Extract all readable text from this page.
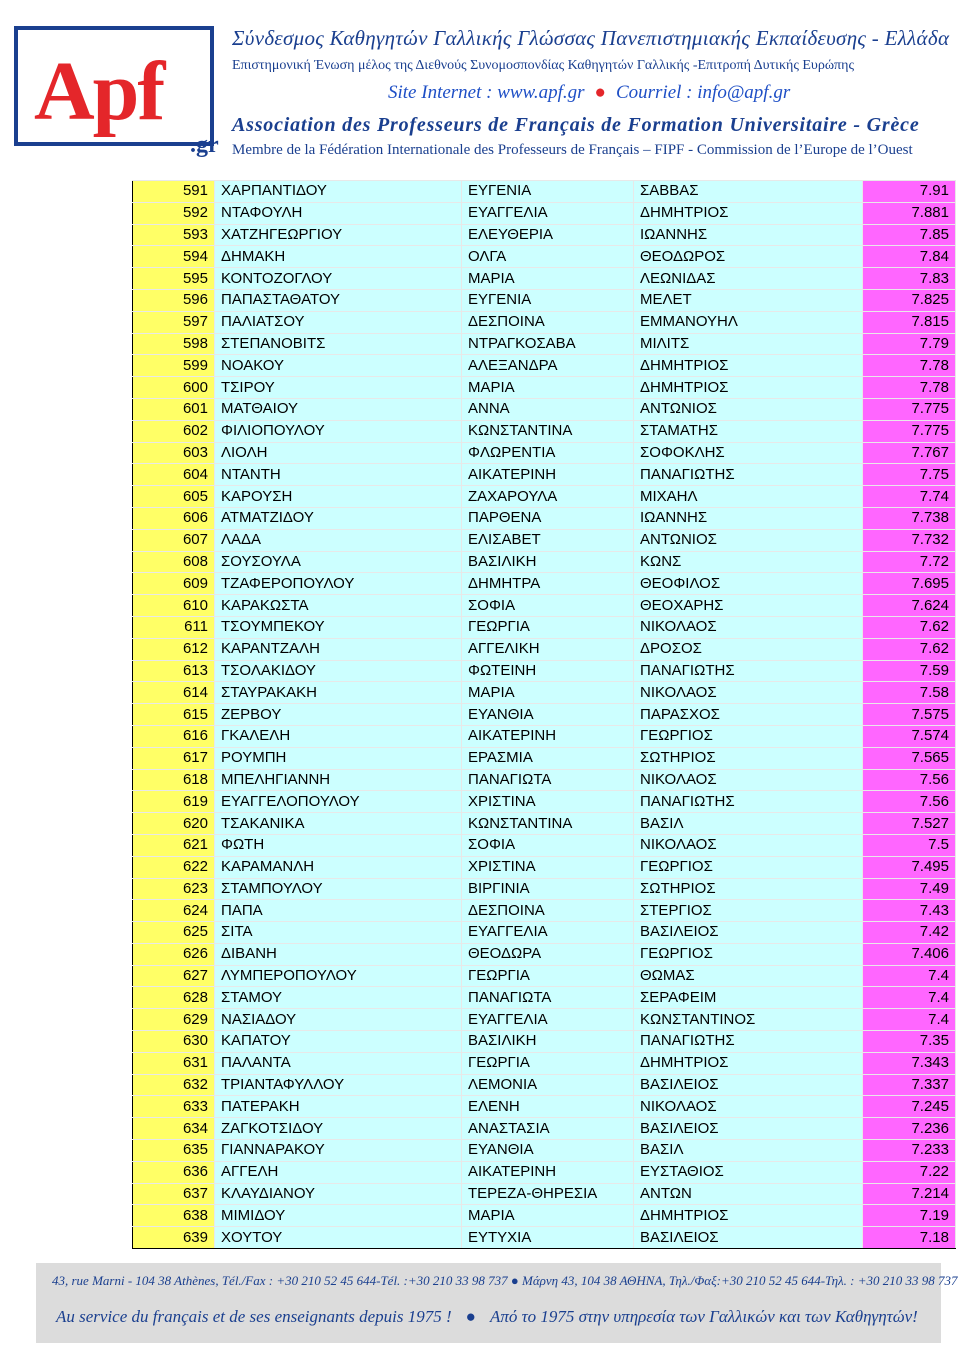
Apf
.gr
Σύνδεσμος Καθηγητών Γαλλικής Γλώσσας Πανεπιστημιακής Εκπαίδευσης - Ελλάδα
Επιστημονική Ένωση μέλος της Διεθνούς Συνομοσπονδίας Καθηγητών Γαλλικής -Επιτροπή Δυτικής Ευρώπης
Site Internet : www.apf.gr ● Courriel : info@apf.gr
Association des Professeurs de Français de Formation Universitaire - Grèce
Membre de la Fédération Internationale des Professeurs de Français – FIPF - Commission de l’Europe de l’Ouest
591	ΧΑΡΠΑΝΤΙΔΟΥ	ΕΥΓΕΝΙΑ	ΣΑΒΒΑΣ	7.91
592	ΝΤΑΦΟΥΛΗ	ΕΥΑΓΓΕΛΙΑ	ΔΗΜΗΤΡΙΟΣ	7.881
593	ΧΑΤΖΗΓΕΩΡΓΙΟΥ	ΕΛΕΥΘΕΡΙΑ	ΙΩΑΝΝΗΣ	7.85
594	ΔΗΜΑΚΗ	ΟΛΓΑ	ΘΕΟΔΩΡΟΣ	7.84
595	ΚΟΝΤΟΖΟΓΛΟΥ	ΜΑΡΙΑ	ΛΕΩΝΙΔΑΣ	7.83
596	ΠΑΠΑΣΤΑΘΑΤΟΥ	ΕΥΓΕΝΙΑ	ΜΕΛΕΤ	7.825
597	ΠΑΛΙΑΤΣΟΥ	ΔΕΣΠΟΙΝΑ	ΕΜΜΑΝΟΥΗΛ	7.815
598	ΣΤΕΠΑΝΟΒΙΤΣ	ΝΤΡΑΓΚΟΣΑΒΑ	ΜΙΛΙΤΣ	7.79
599	ΝΟΑΚΟΥ	ΑΛΕΞΑΝΔΡΑ	ΔΗΜΗΤΡΙΟΣ	7.78
600	ΤΣΙΡΟΥ	ΜΑΡΙΑ	ΔΗΜΗΤΡΙΟΣ	7.78
601	ΜΑΤΘΑΙΟΥ	ΑΝΝΑ	ΑΝΤΩΝΙΟΣ	7.775
602	ΦΙΛΙΟΠΟΥΛΟΥ	ΚΩΝΣΤΑΝΤΙΝΑ	ΣΤΑΜΑΤΗΣ	7.775
603	ΛΙΟΛΗ	ΦΛΩΡΕΝΤΙΑ	ΣΟΦΟΚΛΗΣ	7.767
604	ΝΤΑΝΤΗ	ΑΙΚΑΤΕΡΙΝΗ	ΠΑΝΑΓΙΩΤΗΣ	7.75
605	ΚΑΡΟΥΣΗ	ΖΑΧΑΡΟΥΛΑ	ΜΙΧΑΗΛ	7.74
606	ΑΤΜΑΤΖΙΔΟΥ	ΠΑΡΘΕΝΑ	ΙΩΑΝΝΗΣ	7.738
607	ΛΑΔΑ	ΕΛΙΣΑΒΕΤ	ΑΝΤΩΝΙΟΣ	7.732
608	ΣΟΥΣΟΥΛΑ	ΒΑΣΙΛΙΚΗ	ΚΩΝΣ	7.72
609	ΤΖΑΦΕΡΟΠΟΥΛΟΥ	ΔΗΜΗΤΡΑ	ΘΕΟΦΙΛΟΣ	7.695
610	ΚΑΡΑΚΩΣΤΑ	ΣΟΦΙΑ	ΘΕΟΧΑΡΗΣ	7.624
611	ΤΣΟΥΜΠΕΚΟΥ	ΓΕΩΡΓΙΑ	ΝΙΚΟΛΑΟΣ	7.62
612	ΚΑΡΑΝΤΖΑΛΗ	ΑΓΓΕΛΙΚΗ	ΔΡΟΣΟΣ	7.62
613	ΤΣΟΛΑΚΙΔΟΥ	ΦΩΤΕΙΝΗ	ΠΑΝΑΓΙΩΤΗΣ	7.59
614	ΣΤΑΥΡΑΚΑΚΗ	ΜΑΡΙΑ	ΝΙΚΟΛΑΟΣ	7.58
615	ΖΕΡΒΟΥ	ΕΥΑΝΘΙΑ	ΠΑΡΑΣΧΟΣ	7.575
616	ΓΚΑΛΕΛΗ	ΑΙΚΑΤΕΡΙΝΗ	ΓΕΩΡΓΙΟΣ	7.574
617	ΡΟΥΜΠΗ	ΕΡΑΣΜΙΑ	ΣΩΤΗΡΙΟΣ	7.565
618	ΜΠΕΛΗΓΙΑΝΝΗ	ΠΑΝΑΓΙΩΤΑ	ΝΙΚΟΛΑΟΣ	7.56
619	ΕΥΑΓΓΕΛΟΠΟΥΛΟΥ	ΧΡΙΣΤΙΝΑ	ΠΑΝΑΓΙΩΤΗΣ	7.56
620	ΤΣΑΚΑΝΙΚΑ	ΚΩΝΣΤΑΝΤΙΝΑ	ΒΑΣΙΛ	7.527
621	ΦΩΤΗ	ΣΟΦΙΑ	ΝΙΚΟΛΑΟΣ	7.5
622	ΚΑΡΑΜΑΝΛΗ	ΧΡΙΣΤΙΝΑ	ΓΕΩΡΓΙΟΣ	7.495
623	ΣΤΑΜΠΟΥΛΟΥ	ΒΙΡΓΙΝΙΑ	ΣΩΤΗΡΙΟΣ	7.49
624	ΠΑΠΑ	ΔΕΣΠΟΙΝΑ	ΣΤΕΡΓΙΟΣ	7.43
625	ΣΙΤΑ	ΕΥΑΓΓΕΛΙΑ	ΒΑΣΙΛΕΙΟΣ	7.42
626	ΔΙΒΑΝΗ	ΘΕΟΔΩΡΑ	ΓΕΩΡΓΙΟΣ	7.406
627	ΛΥΜΠΕΡΟΠΟΥΛΟΥ	ΓΕΩΡΓΙΑ	ΘΩΜΑΣ	7.4
628	ΣΤΑΜΟΥ	ΠΑΝΑΓΙΩΤΑ	ΣΕΡΑΦΕΙΜ	7.4
629	ΝΑΣΙΑΔΟΥ	ΕΥΑΓΓΕΛΙΑ	ΚΩΝΣΤΑΝΤΙΝΟΣ	7.4
630	ΚΑΠΑΤΟΥ	ΒΑΣΙΛΙΚΗ	ΠΑΝΑΓΙΩΤΗΣ	7.35
631	ΠΑΛΑΝΤΑ	ΓΕΩΡΓΙΑ	ΔΗΜΗΤΡΙΟΣ	7.343
632	ΤΡΙΑΝΤΑΦΥΛΛΟΥ	ΛΕΜΟΝΙΑ	ΒΑΣΙΛΕΙΟΣ	7.337
633	ΠΑΤΕΡΑΚΗ	ΕΛΕΝΗ	ΝΙΚΟΛΑΟΣ	7.245
634	ΖΑΓΚΟΤΣΙΔΟΥ	ΑΝΑΣΤΑΣΙΑ	ΒΑΣΙΛΕΙΟΣ	7.236
635	ΓΙΑΝΝΑΡΑΚΟΥ	ΕΥΑΝΘΙΑ	ΒΑΣΙΛ	7.233
636	ΑΓΓΕΛΗ	ΑΙΚΑΤΕΡΙΝΗ	ΕΥΣΤΑΘΙΟΣ	7.22
637	ΚΛΑΥΔΙΑΝΟΥ	ΤΕΡΕΖΑ-ΘΗΡΕΣΙΑ	ΑΝΤΩΝ	7.214
638	ΜΙΜΙΔΟΥ	ΜΑΡΙΑ	ΔΗΜΗΤΡΙΟΣ	7.19
639	ΧΟΥΤΟΥ	ΕΥΤΥΧΙΑ	ΒΑΣΙΛΕΙΟΣ	7.18
43, rue Marni - 104 38 Athènes, Tél./Fax : +30 210 52 45 644-Tél. :+30 210 33 98 737 ● Μάρνη 43, 104 38 ΑΘΗΝΑ, Τηλ./Φαξ:+30 210 52 45 644-Τηλ. : +30 210 33 98 737
Au service du français et de ses enseignants depuis 1975 ! ● Από το 1975 στην υπηρεσία των Γαλλικών και των Καθηγητών!
